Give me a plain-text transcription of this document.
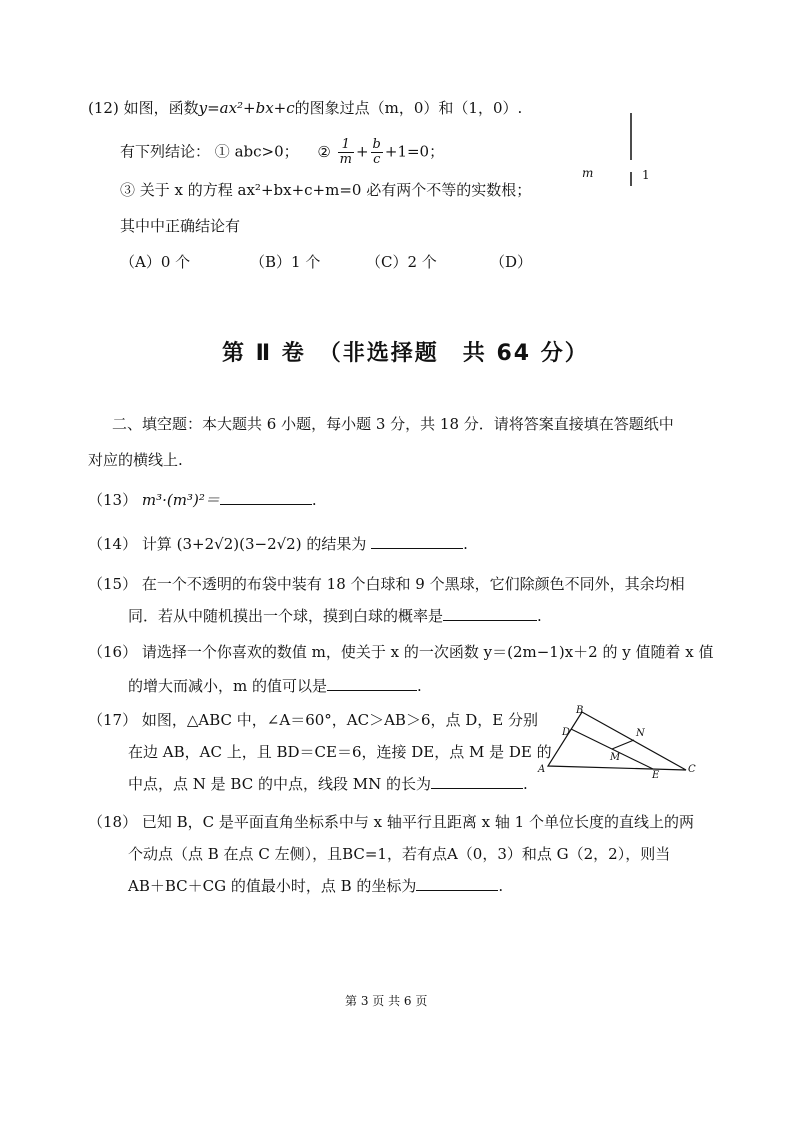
(12) 如图，函数y=ax²+bx+c的图象过点（m，0）和（1，0）.
有下列结论： ① abc>0； ② $\frac{1}{m} + \frac{b}{c} +1=0$；
③ 关于 x 的方程 ax²+bx+c+m=0 必有两个不等的实数根；
其中中正确结论有
（A）0 个	（B）1 个	（C）2 个	（D）
m	1
第 Ⅱ 卷　（非选择题　共 64 分）
二、填空题：本大题共 6 小题，每小题 3 分，共 18 分．请将答案直接填在答题纸中
对应的横线上.
（13） m³·(m³)²＝	.
（14） 计算 (3+2√2)(3−2√2) 的结果为	.
（15） 在一个不透明的布袋中装有 18 个白球和 9 个黑球，它们除颜色不同外，其余均相
同．若从中随机摸出一个球，摸到白球的概率是	.
（16） 请选择一个你喜欢的数值 m，使关于 x 的一次函数 y＝(2m−1)x＋2 的 y 值随着 x 值
的增大而减小，m 的值可以是	.
（17） 如图，△ABC 中，∠A＝60°，AC＞AB＞6，点 D，E 分别
在边 AB，AC 上，且 BD＝CE＝6，连接 DE，点 M 是 DE 的
中点，点 N 是 BC 的中点，线段 MN 的长为	.
B
D	N
M
A
E
C
（18） 已知 B，C 是平面直角坐标系中与 x 轴平行且距离 x 轴 1 个单位长度的直线上的两
个动点（点 B 在点 C 左侧），且BC=1，若有点A（0，3）和点 G（2，2），则当
AB＋BC＋CG 的值最小时，点 B 的坐标为	.
第 3 页 共 6 页
